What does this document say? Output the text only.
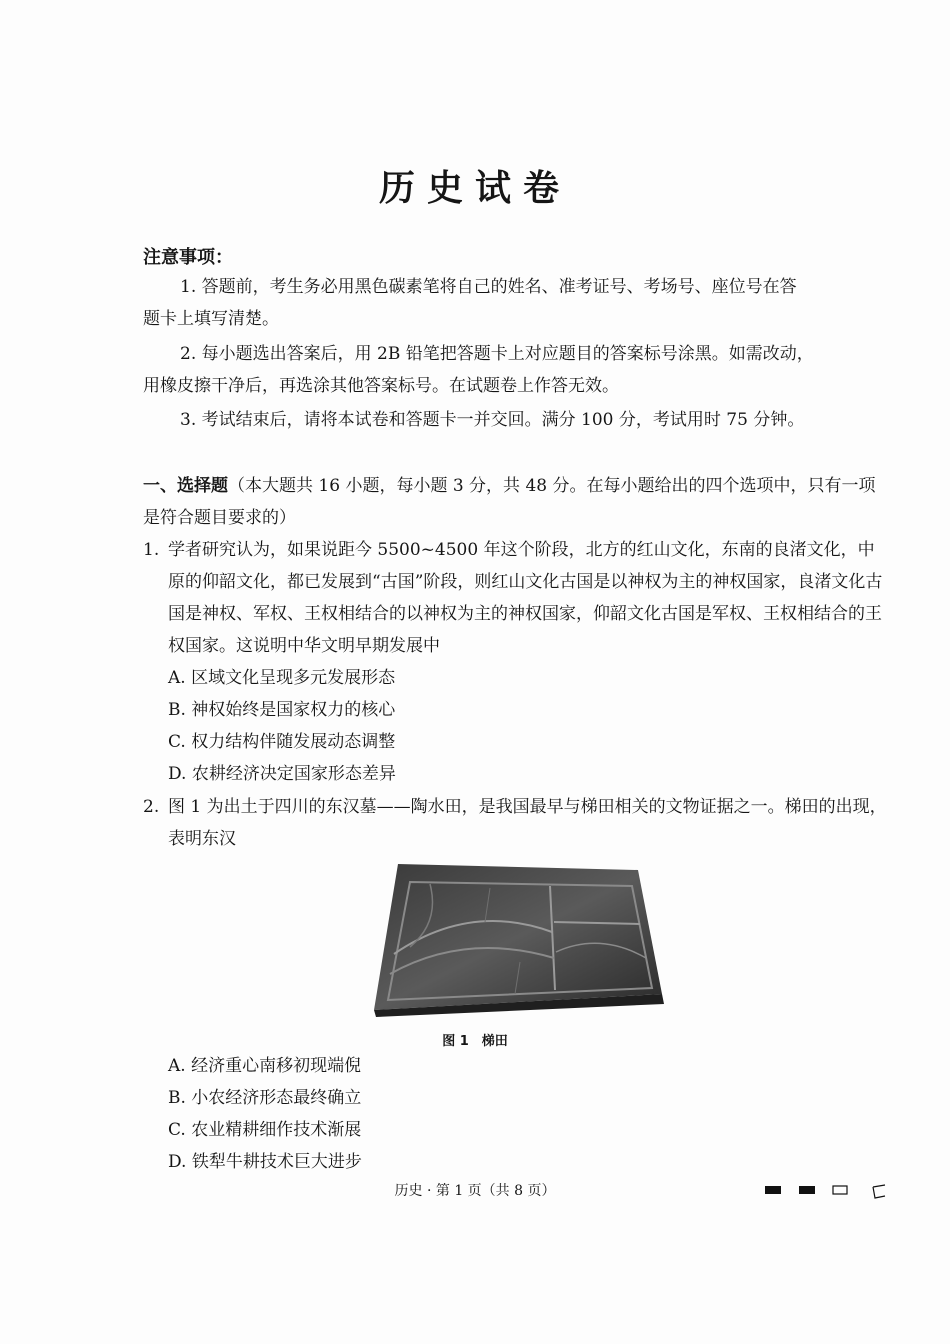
历史试卷
注意事项：
1. 答题前，考生务必用黑色碳素笔将自己的姓名、准考证号、考场号、座位号在答
题卡上填写清楚。
2. 每小题选出答案后，用 2B 铅笔把答题卡上对应题目的答案标号涂黑。如需改动，
用橡皮擦干净后，再选涂其他答案标号。在试题卷上作答无效。
3. 考试结束后，请将本试卷和答题卡一并交回。满分 100 分，考试用时 75 分钟。
一、选择题（本大题共 16 小题，每小题 3 分，共 48 分。在每小题给出的四个选项中，只有一项是符合题目要求的）
1. 学者研究认为，如果说距今 5500~4500 年这个阶段，北方的红山文化，东南的良渚文化，中原的仰韶文化，都已发展到“古国”阶段，则红山文化古国是以神权为主的神权国家，良渚文化古国是神权、军权、王权相结合的以神权为主的神权国家，仰韶文化古国是军权、王权相结合的王权国家。这说明中华文明早期发展中
A. 区域文化呈现多元发展形态
B. 神权始终是国家权力的核心
C. 权力结构伴随发展动态调整
D. 农耕经济决定国家形态差异
2. 图 1 为出土于四川的东汉墓——陶水田，是我国最早与梯田相关的文物证据之一。梯田的出现，表明东汉
图 1　梯田
A. 经济重心南移初现端倪
B. 小农经济形态最终确立
C. 农业精耕细作技术渐展
D. 铁犁牛耕技术巨大进步
历史 · 第 1 页（共 8 页）
